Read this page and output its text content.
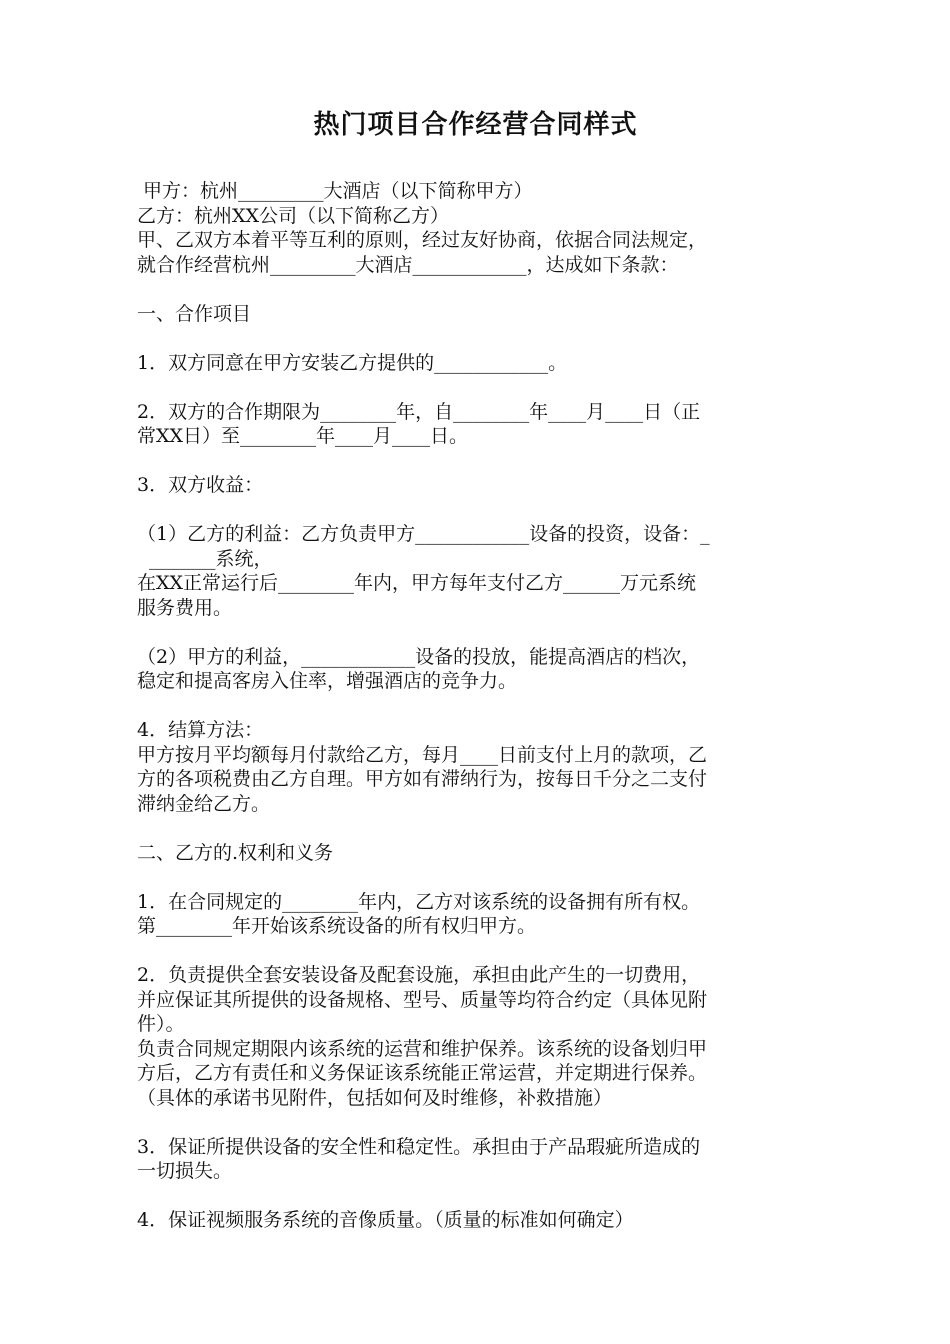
热门项目合作经营合同样式

甲方：杭州_________大酒店（以下简称甲方）

乙方：杭州XX公司（以下简称乙方）

甲、乙双方本着平等互利的原则，经过友好协商，依据合同法规定，

就合作经营杭州_________大酒店____________，达成如下条款：

一、合作项目

1．双方同意在甲方安装乙方提供的____________。

2．双方的合作期限为________年，自________年____月____日（正

常XX日）至________年____月____日。

3．双方收益：

（1）乙方的利益：乙方负责甲方____________设备的投资，设备：_

_______系统，

在XX正常运行后________年内，甲方每年支付乙方______万元系统

服务费用。

（2）甲方的利益，____________设备的投放，能提高酒店的档次，

稳定和提高客房入住率，增强酒店的竞争力。

4．结算方法：

甲方按月平均额每月付款给乙方，每月____日前支付上月的款项，乙

方的各项税费由乙方自理。甲方如有滞纳行为，按每日千分之二支付

滞纳金给乙方。

二、乙方的.权利和义务

1．在合同规定的________年内，乙方对该系统的设备拥有所有权。

第________年开始该系统设备的所有权归甲方。

2．负责提供全套安装设备及配套设施，承担由此产生的一切费用，

并应保证其所提供的设备规格、型号、质量等均符合约定（具体见附

件）。

负责合同规定期限内该系统的运营和维护保养。该系统的设备划归甲

方后，乙方有责任和义务保证该系统能正常运营，并定期进行保养。

（具体的承诺书见附件，包括如何及时维修，补救措施）

3．保证所提供设备的安全性和稳定性。承担由于产品瑕疵所造成的

一切损失。

4．保证视频服务系统的音像质量。（质量的标准如何确定）
